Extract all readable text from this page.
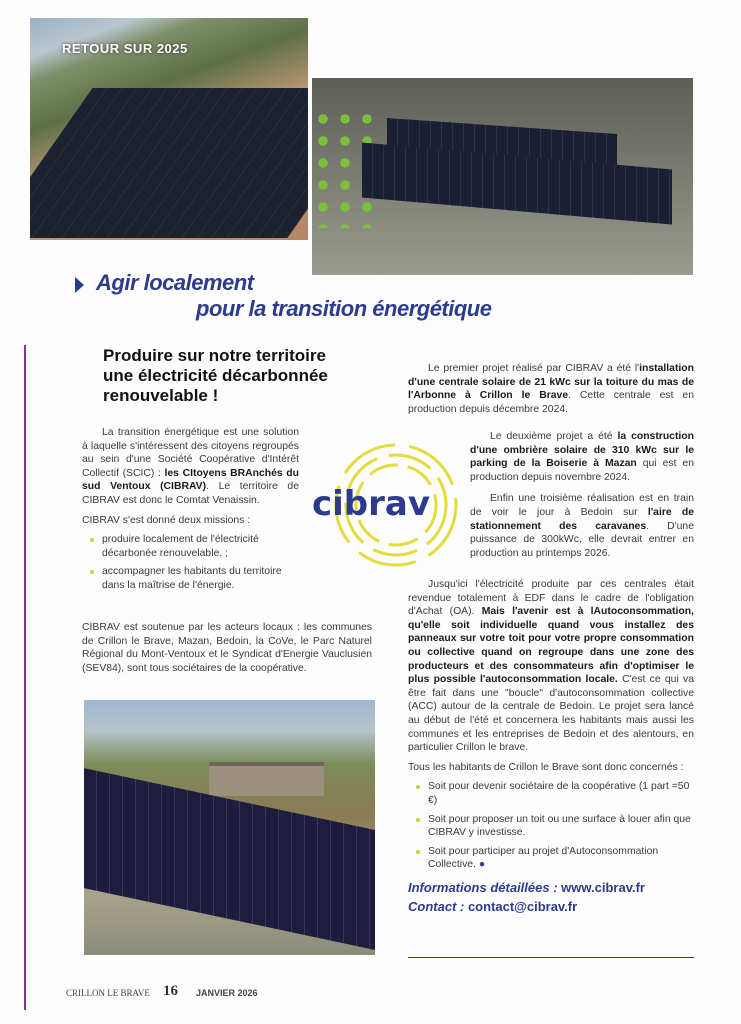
RETOUR SUR 2025
Agir localement
pour la transition énergétique
Produire sur notre territoire une électricité décarbonnée renouvelable !

La transition énergétique est une solution à laquelle s'intéressent des citoyens regroupés au sein d'une Société Coopérative d'Intérêt Collectif (SCIC) : les CItoyens BRAnchés du sud Ventoux (CIBRAV). Le territoire de CIBRAV est donc le Comtat Venaissin.

CIBRAV s'est donné deux missions :

produire localement de l'électricité décarbonée renouvelable. ;
accompagner les habitants du territoire dans la maîtrise de l'énergie.

CIBRAV est soutenue par les acteurs locaux : les communes de Crillon le Brave, Mazan, Bedoin, la CoVe, le Parc Naturel Régional du Mont-Ventoux et le Syndicat d'Energie Vauclusien (SEV84), sont tous sociétaires de la coopérative.

cibrav

Le premier projet réalisé par CIBRAV a été l'installation d'une centrale solaire de 21 kWc sur la toiture du mas de l'Arbonne à Crillon le Brave. Cette centrale est en production depuis décembre 2024.

Le deuxième projet a été la construction d'une ombrière solaire de 310 kWc sur le parking de la Boiserie à Mazan qui est en production depuis novembre 2024.

Enfin une troisième réalisation est en train de voir le jour à Bedoin sur l'aire de stationnement des caravanes. D'une puissance de 300kWc, elle devrait entrer en production au printemps 2026.

Jusqu'ici l'électricité produite par ces centrales était revendue totalement à EDF dans le cadre de l'obligation d'Achat (OA). Mais l'avenir est à lAutoconsommation, qu'elle soit individuelle quand vous installez des panneaux sur votre toit pour votre propre consommation ou collective quand on regroupe dans une zone des producteurs et des consommateurs afin d'optimiser le plus possible l'autoconsommation locale. C'est ce qui va être fait dans une "boucle" d'autoconsommation collective (ACC) autour de la centrale de Bedoin. Le projet sera lancé au début de l'été et concernera les habitants mais aussi les communes et les entreprises de Bedoin et des alentours, en particulier Crillon le brave.

Tous les habitants de Crillon le Brave sont donc concernés :

Soit pour devenir sociétaire de la coopérative (1 part =50 €)
Soit pour proposer un toit ou une surface à louer afin que CIBRAV y investisse.
Soit pour participer au projet d'Autoconsommation Collective. ●
Informations détaillées : www.cibrav.fr
Contact : contact@cibrav.fr
CRILLON LE BRAVE 16 JANVIER 2026
